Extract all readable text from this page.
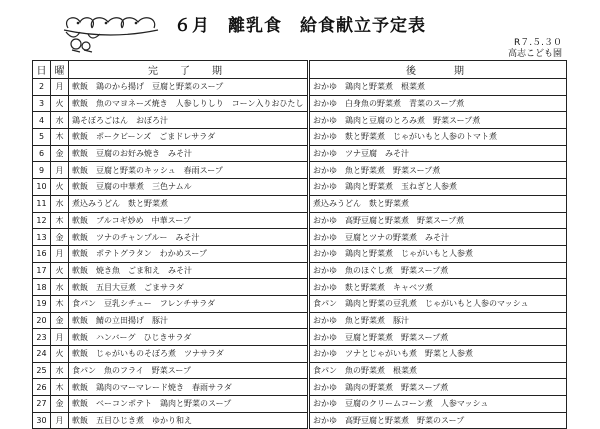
６月　離乳食　給食献立予定表
R７.５.３０
高志こども園
日	曜	完　了　期	後　　期
2	月	軟飯　鶏のから揚げ　豆腐と野菜のスープ	おかゆ　鶏肉と野菜煮　根菜煮
3	火	軟飯　魚のマヨネーズ焼き　人参しりしり　コーン入りおひたし	おかゆ　白身魚の野菜煮　青菜のスープ煮
4	水	鶏そぼろごはん　おぼろ汁	おかゆ　鶏肉と豆腐のとろみ煮　野菜スープ煮
5	木	軟飯　ポークビーンズ　ごまドレサラダ	おかゆ　麩と野菜煮　じゃがいもと人参のトマト煮
6	金	軟飯　豆腐のお好み焼き　みそ汁	おかゆ　ツナ豆腐　みそ汁
9	月	軟飯　豆腐と野菜のキッシュ　春雨スープ	おかゆ　魚と野菜煮　野菜スープ煮
10	火	軟飯　豆腐の中華煮　三色ナムル	おかゆ　鶏肉と野菜煮　玉ねぎと人参煮
11	水	煮込みうどん　麩と野菜煮	煮込みうどん　麩と野菜煮
12	木	軟飯　ブルコギ炒め　中華スープ	おかゆ　高野豆腐と野菜煮　野菜スープ煮
13	金	軟飯　ツナのチャンプルー　みそ汁	おかゆ　豆腐とツナの野菜煮　みそ汁
16	月	軟飯　ポテトグラタン　わかめスープ	おかゆ　鶏肉と野菜煮　じゃがいもと人参煮
17	火	軟飯　焼き魚　ごま和え　みそ汁	おかゆ　魚のほぐし煮　野菜スープ煮
18	水	軟飯　五目大豆煮　ごまサラダ	おかゆ　麩と野菜煮　キャベツ煮
19	木	食パン　豆乳シチュー　フレンチサラダ	食パン　鶏肉と野菜の豆乳煮　じゃがいもと人参のマッシュ
20	金	軟飯　鯖の立田揚げ　豚汁	おかゆ　魚と野菜煮　豚汁
23	月	軟飯　ハンバーグ　ひじきサラダ	おかゆ　豆腐と野菜煮　野菜スープ煮
24	火	軟飯　じゃがいものそぼろ煮　ツナサラダ	おかゆ　ツナとじゃがいも煮　野菜と人参煮
25	水	食パン　魚のフライ　野菜スープ	食パン　魚の野菜煮　根菜煮
26	木	軟飯　鶏肉のマーマレード焼き　春雨サラダ	おかゆ　鶏肉の野菜煮　野菜スープ煮
27	金	軟飯　ベーコンポテト　鶏肉と野菜のスープ	おかゆ　豆腐のクリームコーン煮　人参マッシュ
30	月	軟飯　五目ひじき煮　ゆかり和え	おかゆ　高野豆腐と野菜煮　野菜のスープ
